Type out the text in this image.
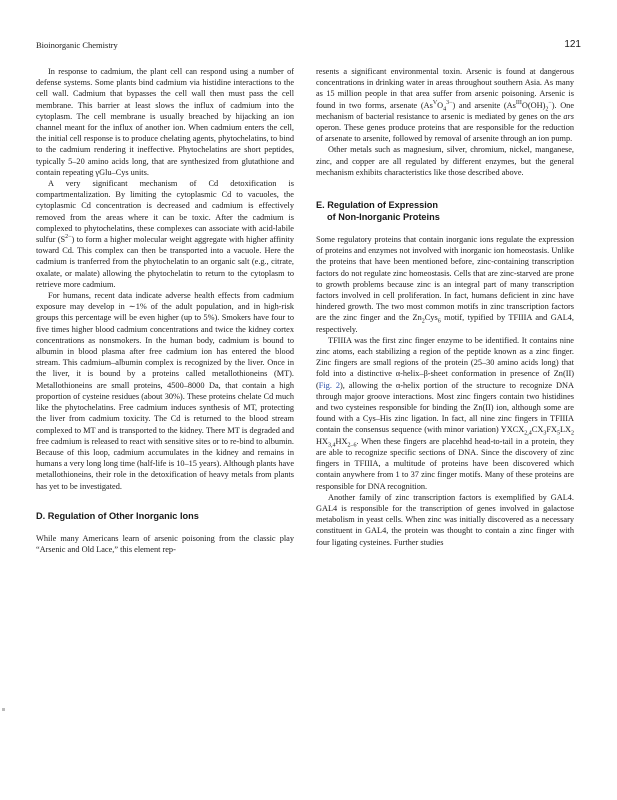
Bioinorganic Chemistry	121

In response to cadmium, the plant cell can respond using a number of defense systems. Some plants bind cadmium via histidine interactions to the cell wall. Cadmium that bypasses the cell wall then must pass the cell membrane. This barrier at least slows the influx of cadmium into the cytoplasm. The cell membrane is usually breached by hijacking an ion channel meant for the influx of another ion. When cadmium enters the cell, the initial cell response is to produce chelating agents, phytochelatins, to bind to the cadmium rendering it ineffective. Phytochelatins are short peptides, typically 5–20 amino acids long, that are synthesized from glutathione and contain repeating γGlu–Cys units.

A very significant mechanism of Cd detoxification is compartmentalization. By limiting the cytoplasmic Cd to vacuoles, the cytoplasmic Cd concentration is decreased and cadmium is effectively removed from the areas where it can be toxic. After the cadmium is complexed to phytochelatins, these complexes can associate with acid-labile sulfur $(S^{2-})$ to form a higher molecular weight aggregate with higher affinity toward Cd. This complex can then be transported into a vacuole. Here the cadmium is tranferred from the phytochelatin to an organic salt (e.g., citrate, oxalate, or malate) allowing the phytochelatin to return to the cytoplasm to retrieve more cadmium.

For humans, recent data indicate adverse health effects from cadmium exposure may develop in ∼1% of the adult population, and in high-risk groups this percentage will be even higher (up to 5%). Smokers have four to five times higher blood cadmium concentrations and twice the kidney cortex concentrations as nonsmokers. In the human body, cadmium is bound to albumin in blood plasma after free cadmium ion has entered the blood stream. This cadmium–albumin complex is recognized by the liver. Once in the liver, it is bound by a proteins called metallothioneins (MT). Metallothioneins are small proteins, 4500–8000 Da, that contain a high proportion of cysteine residues (about 30%). These proteins chelate Cd much like the phytochelatins. Free cadmium induces synthesis of MT, protecting the liver from cadmium toxicity. The Cd is returned to the blood stream complexed to MT and is transported to the kidney. There MT is degraded and free cadmium is released to react with sensitive sites or to re-bind to albumin. Because of this loop, cadmium accumulates in the kidney and remains in humans a very long long time (half-life is 10–15 years). Although plants have metallothioneins, their role in the detoxification of heavy metals from plants has yet to be investigated.

D. Regulation of Other Inorganic Ions

While many Americans learn of arsenic poisoning from the classic play “Arsenic and Old Lace,” this element rep-

resents a significant environmental toxin. Arsenic is found at dangerous concentrations in drinking water in areas throughout southern Asia. As many as 15 million people in that area suffer from arsenic poisoning. Arsenic is found in two forms, arsenate $(As^VO_4^{3-})$ and arsenite $(As^{III}O(OH)_2^-)$. One mechanism of bacterial resistance to arsenic is mediated by genes on the ars operon. These genes produce proteins that are responsible for the reduction of arsenate to arsenite, followed by removal of arsenite through an ion pump.

Other metals such as magnesium, silver, chromium, nickel, manganese, zinc, and copper are all regulated by different enzymes, but the general mechanism exhibits characteristics like those described above.

E. Regulation of Expression
of Non-Inorganic Proteins

Some regulatory proteins that contain inorganic ions regulate the expression of proteins and enzymes not involved with inorganic ion homeostasis. Unlike the proteins that have been mentioned before, zinc-containing transcription factors do not regulate zinc homeostasis. Cells that are zinc-starved are prone to growth problems because zinc is an integral part of many transcription factors involved in cell proliferation. In fact, humans deficient in zinc have hindered growth. The two most common motifs in zinc transcription factors are the zinc finger and the $Zn_2Cys_6$ motif, typified by TFIIIA and GAL4, respectively.

TFIIIA was the first zinc finger enzyme to be identified. It contains nine zinc atoms, each stabilizing a region of the peptide known as a zinc finger. Zinc fingers are small regions of the protein (25–30 amino acids long) that fold into a distinctive α-helix–β-sheet conformation in presence of Zn(II) (Fig. 2), allowing the α-helix portion of the structure to recognize DNA through major groove interactions. Most zinc fingers contain two histidines and two cysteines responsible for binding the Zn(II) ion, although some are found with a Cys–His zinc ligation. In fact, all nine zinc fingers in TFIIIA contain the consensus sequence (with minor variation) $YXCX_{2,4}CX_3FX_5LX_2$ $HX_{3,4}HX_{2-6}$. When these fingers are placehhd head-to-tail in a protein, they are able to recognize specific sections of DNA. Since the discovery of zinc fingers in TFIIIA, a multitude of proteins have been discovered which contain anywhere from 1 to 37 zinc finger motifs. Many of these proteins are responsible for DNA recognition.

Another family of zinc transcription factors is exemplified by GAL4. GAL4 is responsible for the transcription of genes involved in galactose metabolism in yeast cells. When zinc was initially discovered as a necessary constituent in GAL4, the protein was thought to contain a zinc finger with four ligating cysteines. Further studies
